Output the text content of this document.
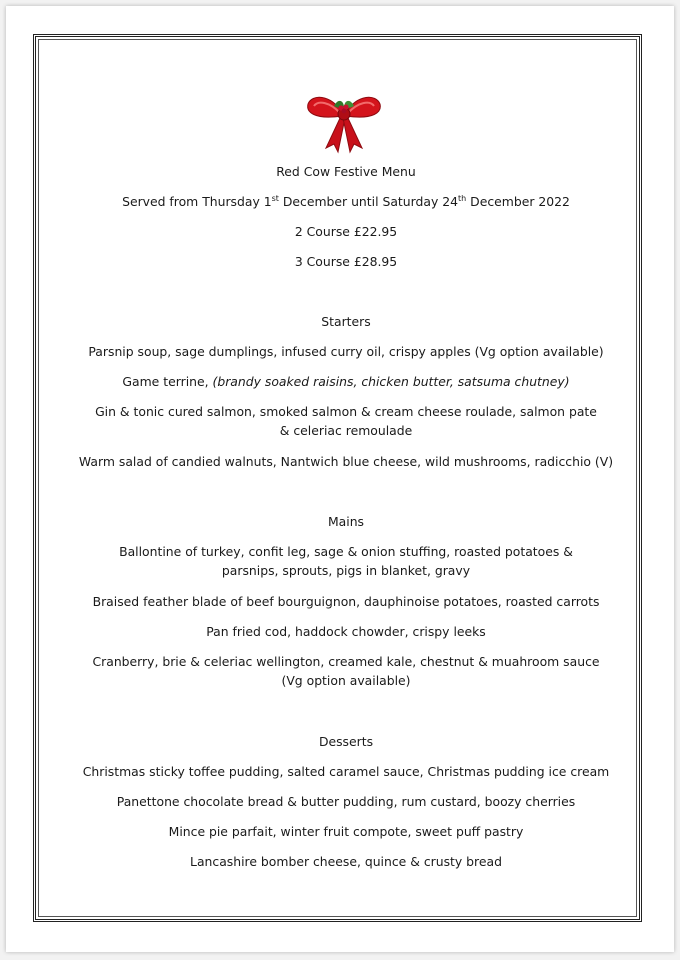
Red Cow Festive Menu
Served from Thursday 1st December until Saturday 24th December 2022
2 Course £22.95
3 Course £28.95
Starters
Parsnip soup, sage dumplings, infused curry oil, crispy apples (Vg option available)
Game terrine, (brandy soaked raisins, chicken butter, satsuma chutney)
Gin & tonic cured salmon, smoked salmon & cream cheese roulade, salmon pate & celeriac remoulade
Warm salad of candied walnuts, Nantwich blue cheese, wild mushrooms, radicchio (V)
Mains
Ballontine of turkey, confit leg, sage & onion stuffing, roasted potatoes & parsnips, sprouts, pigs in blanket, gravy
Braised feather blade of beef bourguignon, dauphinoise potatoes, roasted carrots
Pan fried cod, haddock chowder, crispy leeks
Cranberry, brie & celeriac wellington, creamed kale, chestnut & muahroom sauce (Vg option available)
Desserts
Christmas sticky toffee pudding, salted caramel sauce, Christmas pudding ice cream
Panettone chocolate bread & butter pudding, rum custard, boozy cherries
Mince pie parfait, winter fruit compote, sweet puff pastry
Lancashire bomber cheese, quince & crusty bread
